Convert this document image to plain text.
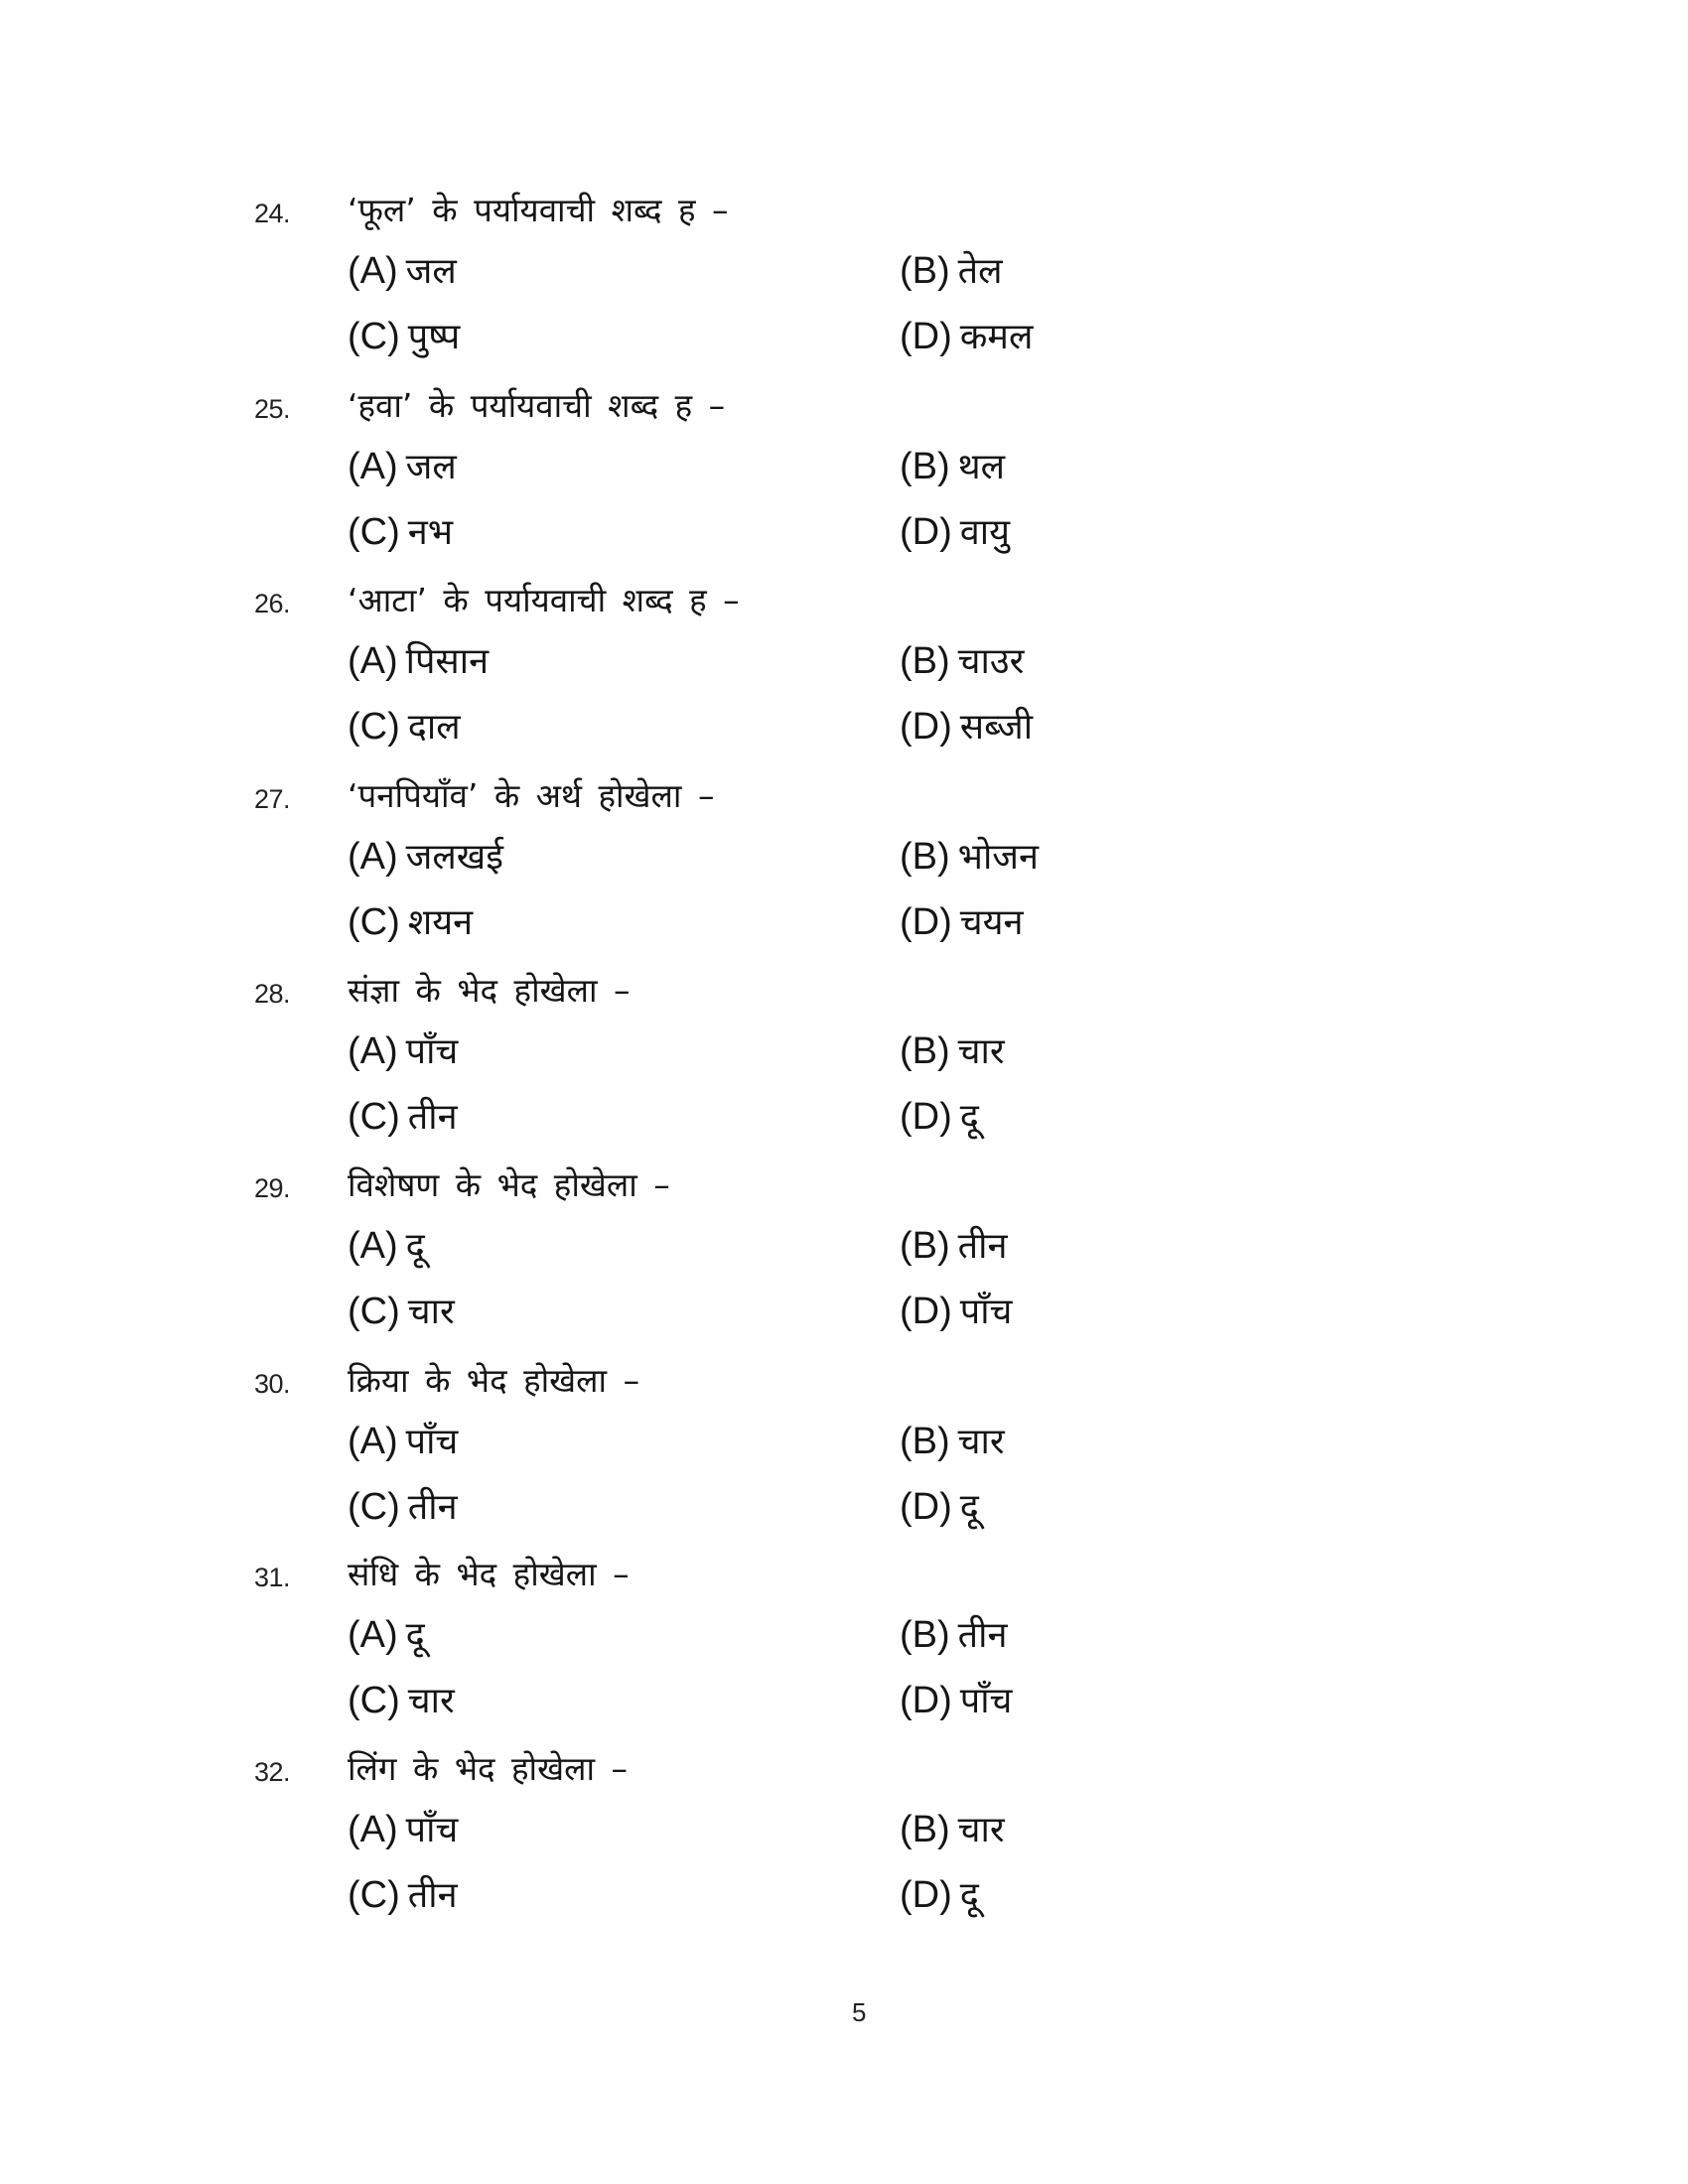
24. ‘फूल’ के पर्यायवाची शब्द ह –
(A) जल	(B) तेल
(C) पुष्प	(D) कमल
25. ‘हवा’ के पर्यायवाची शब्द ह –
(A) जल	(B) थल
(C) नभ	(D) वायु
26. ‘आटा’ के पर्यायवाची शब्द ह –
(A) पिसान	(B) चाउर
(C) दाल	(D) सब्जी
27. ‘पनपियाँव’ के अर्थ होखेला –
(A) जलखई	(B) भोजन
(C) शयन	(D) चयन
28. संज्ञा के भेद होखेला –
(A) पाँच	(B) चार
(C) तीन	(D) दू
29. विशेषण के भेद होखेला –
(A) दू	(B) तीन
(C) चार	(D) पाँच
30. क्रिया के भेद होखेला –
(A) पाँच	(B) चार
(C) तीन	(D) दू
31. संधि के भेद होखेला –
(A) दू	(B) तीन
(C) चार	(D) पाँच
32. लिंग के भेद होखेला –
(A) पाँच	(B) चार
(C) तीन	(D) दू
5
